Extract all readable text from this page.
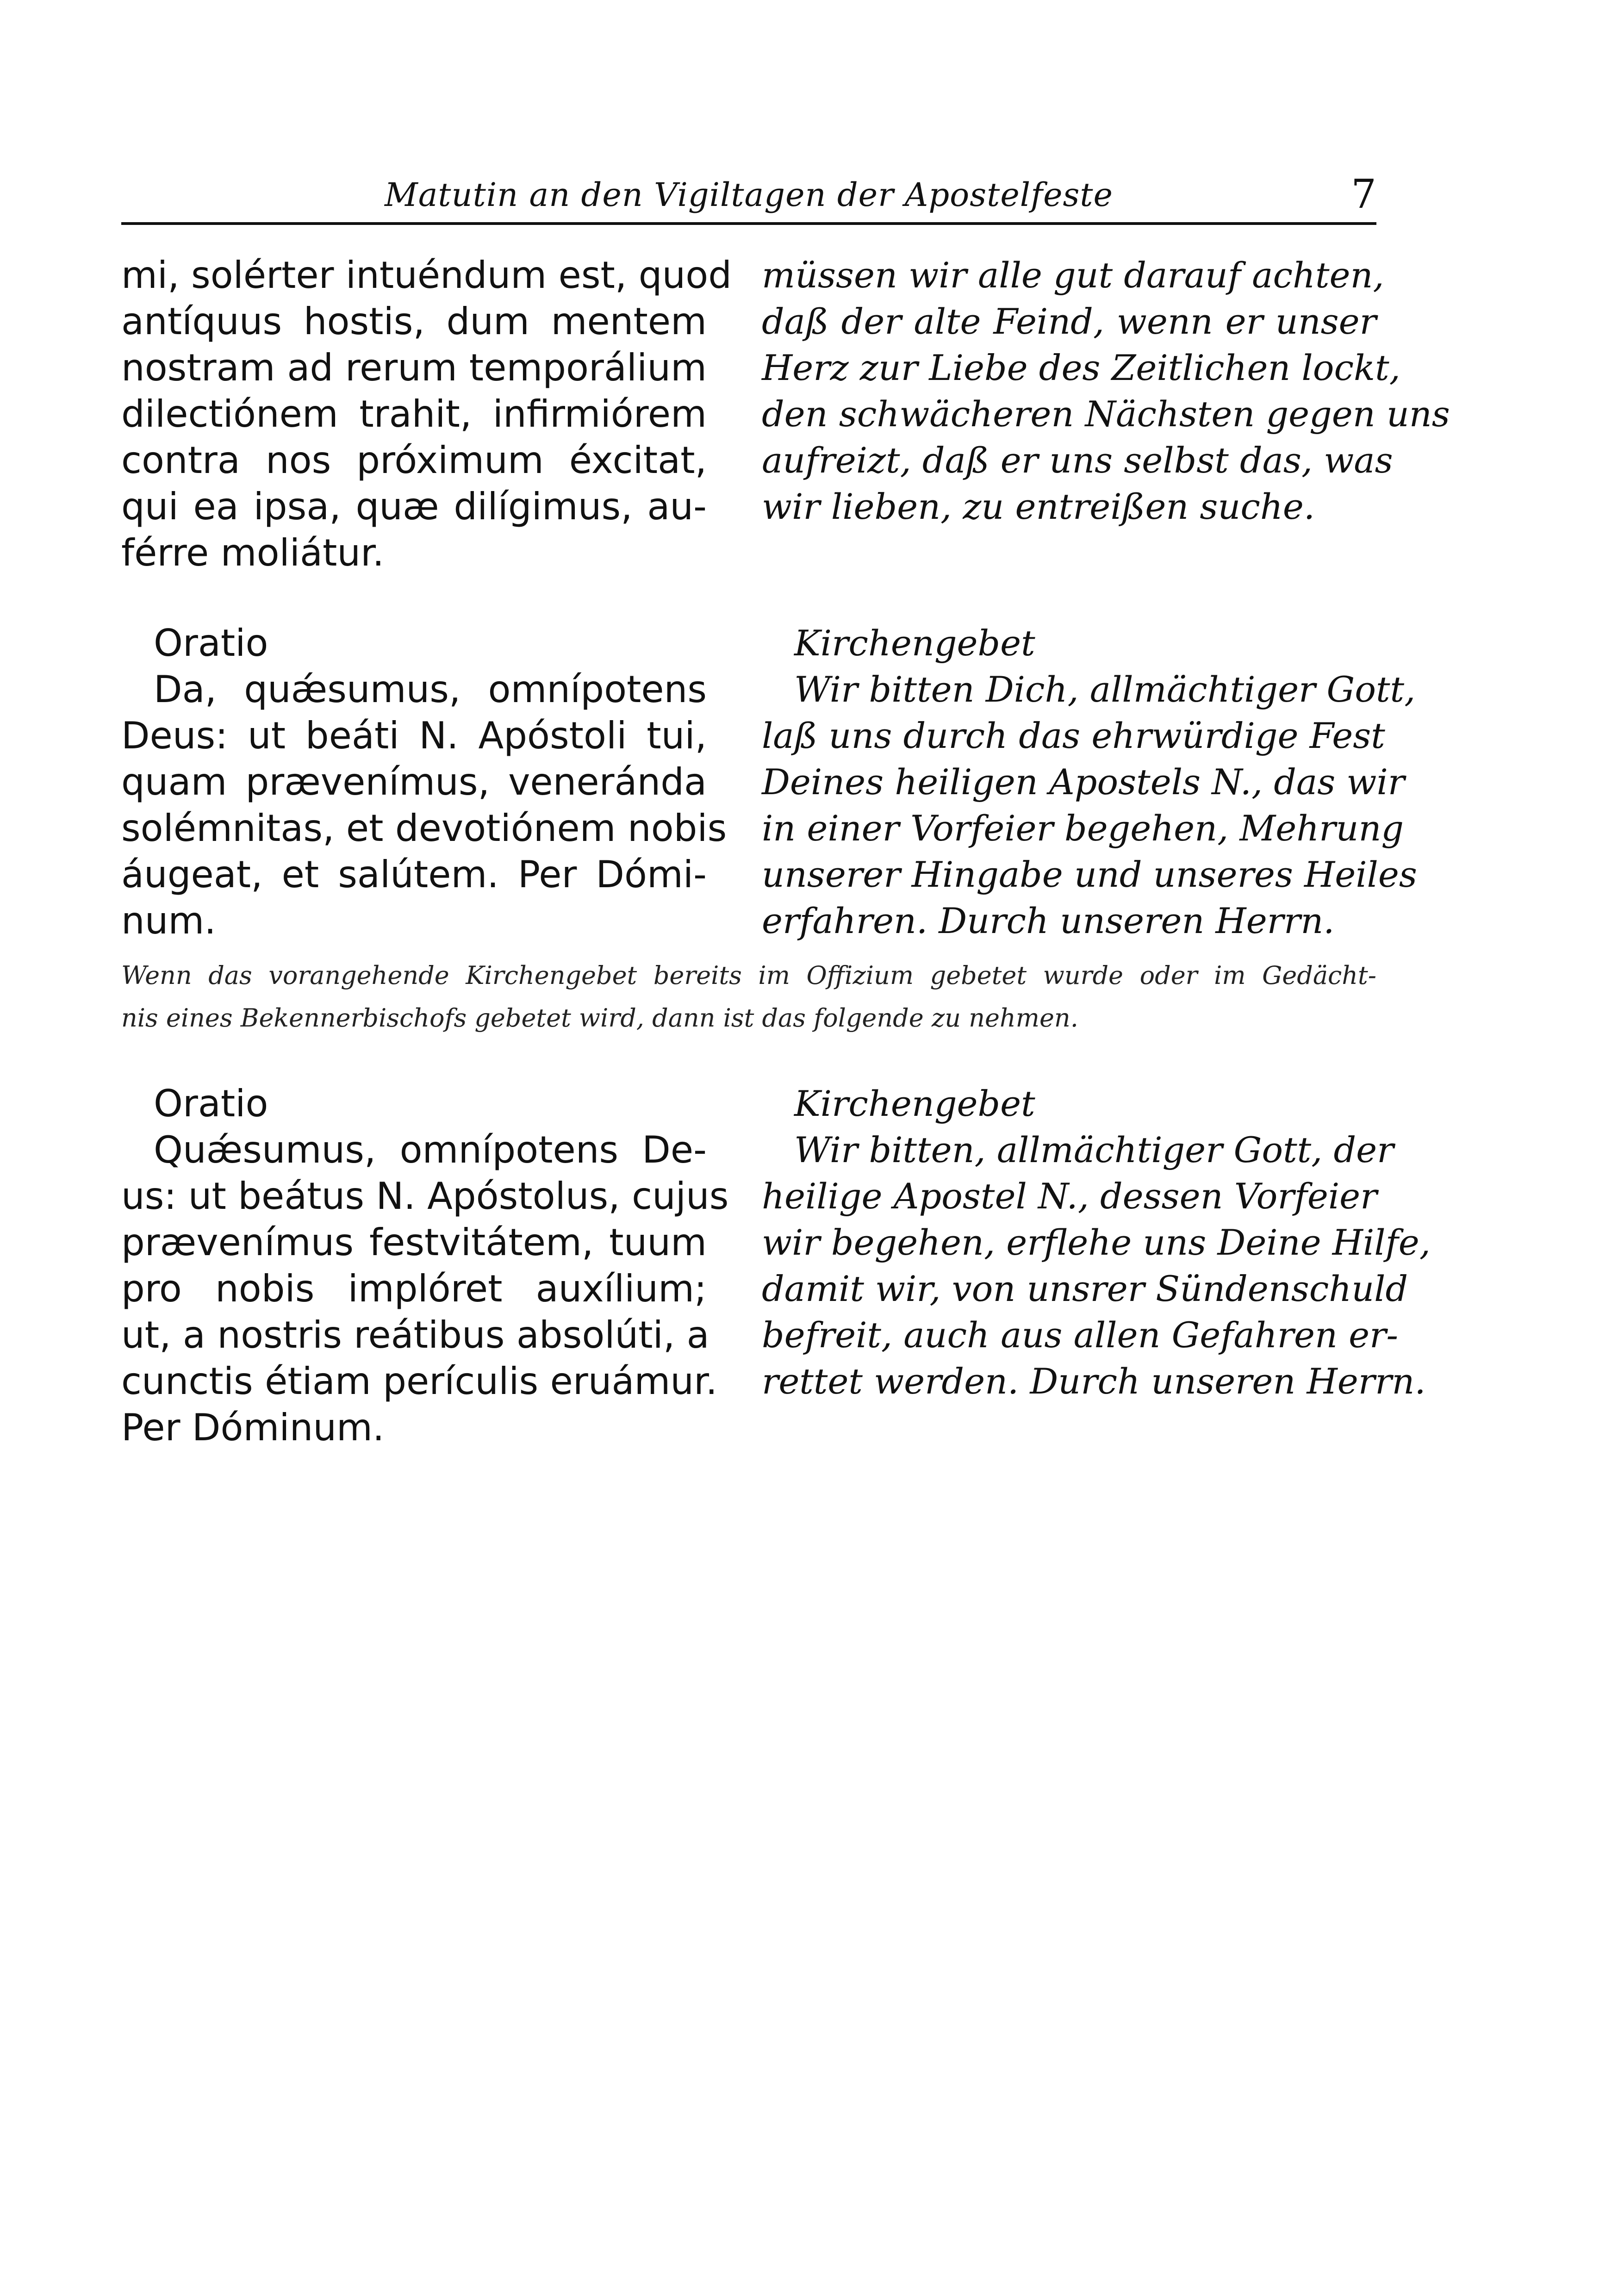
Matutin an den Vigiltagen der Apostelfeste	7
mi, solérter intuéndum est, quod
antíquus hostis, dum mentem
nostram ad rerum temporálium
dilectiónem trahit, infirmiórem
contra nos próximum éxcitat,
qui ea ipsa, quæ dilígimus, au-
férre moliátur.
müssen wir alle gut darauf achten,
daß der alte Feind, wenn er unser
Herz zur Liebe des Zeitlichen lockt,
den schwächeren Nächsten gegen uns
aufreizt, daß er uns selbst das, was
wir lieben, zu entreißen suche.
Oratio
Da, quǽsumus, omnípotens
Deus: ut beáti N. Apóstoli tui,
quam prævenímus, veneránda
solémnitas, et devotiónem nobis
áugeat, et salútem. Per Dómi-
num.
Kirchengebet
Wir bitten Dich, allmächtiger Gott,
laß uns durch das ehrwürdige Fest
Deines heiligen Apostels N., das wir
in einer Vorfeier begehen, Mehrung
unserer Hingabe und unseres Heiles
erfahren. Durch unseren Herrn.
Wenn das vorangehende Kirchengebet bereits im Offizium gebetet wurde oder im Gedächt-
nis eines Bekennerbischofs gebetet wird, dann ist das folgende zu nehmen.
Oratio
Quǽsumus, omnípotens De-
us: ut beátus N. Apóstolus, cujus
prævenímus festvitátem, tuum
pro nobis implóret auxílium;
ut, a nostris reátibus absolúti, a
cunctis étiam perículis eruámur.
Per Dóminum.
Kirchengebet
Wir bitten, allmächtiger Gott, der
heilige Apostel N., dessen Vorfeier
wir begehen, erflehe uns Deine Hilfe,
damit wir, von unsrer Sündenschuld
befreit, auch aus allen Gefahren er-
rettet werden. Durch unseren Herrn.
